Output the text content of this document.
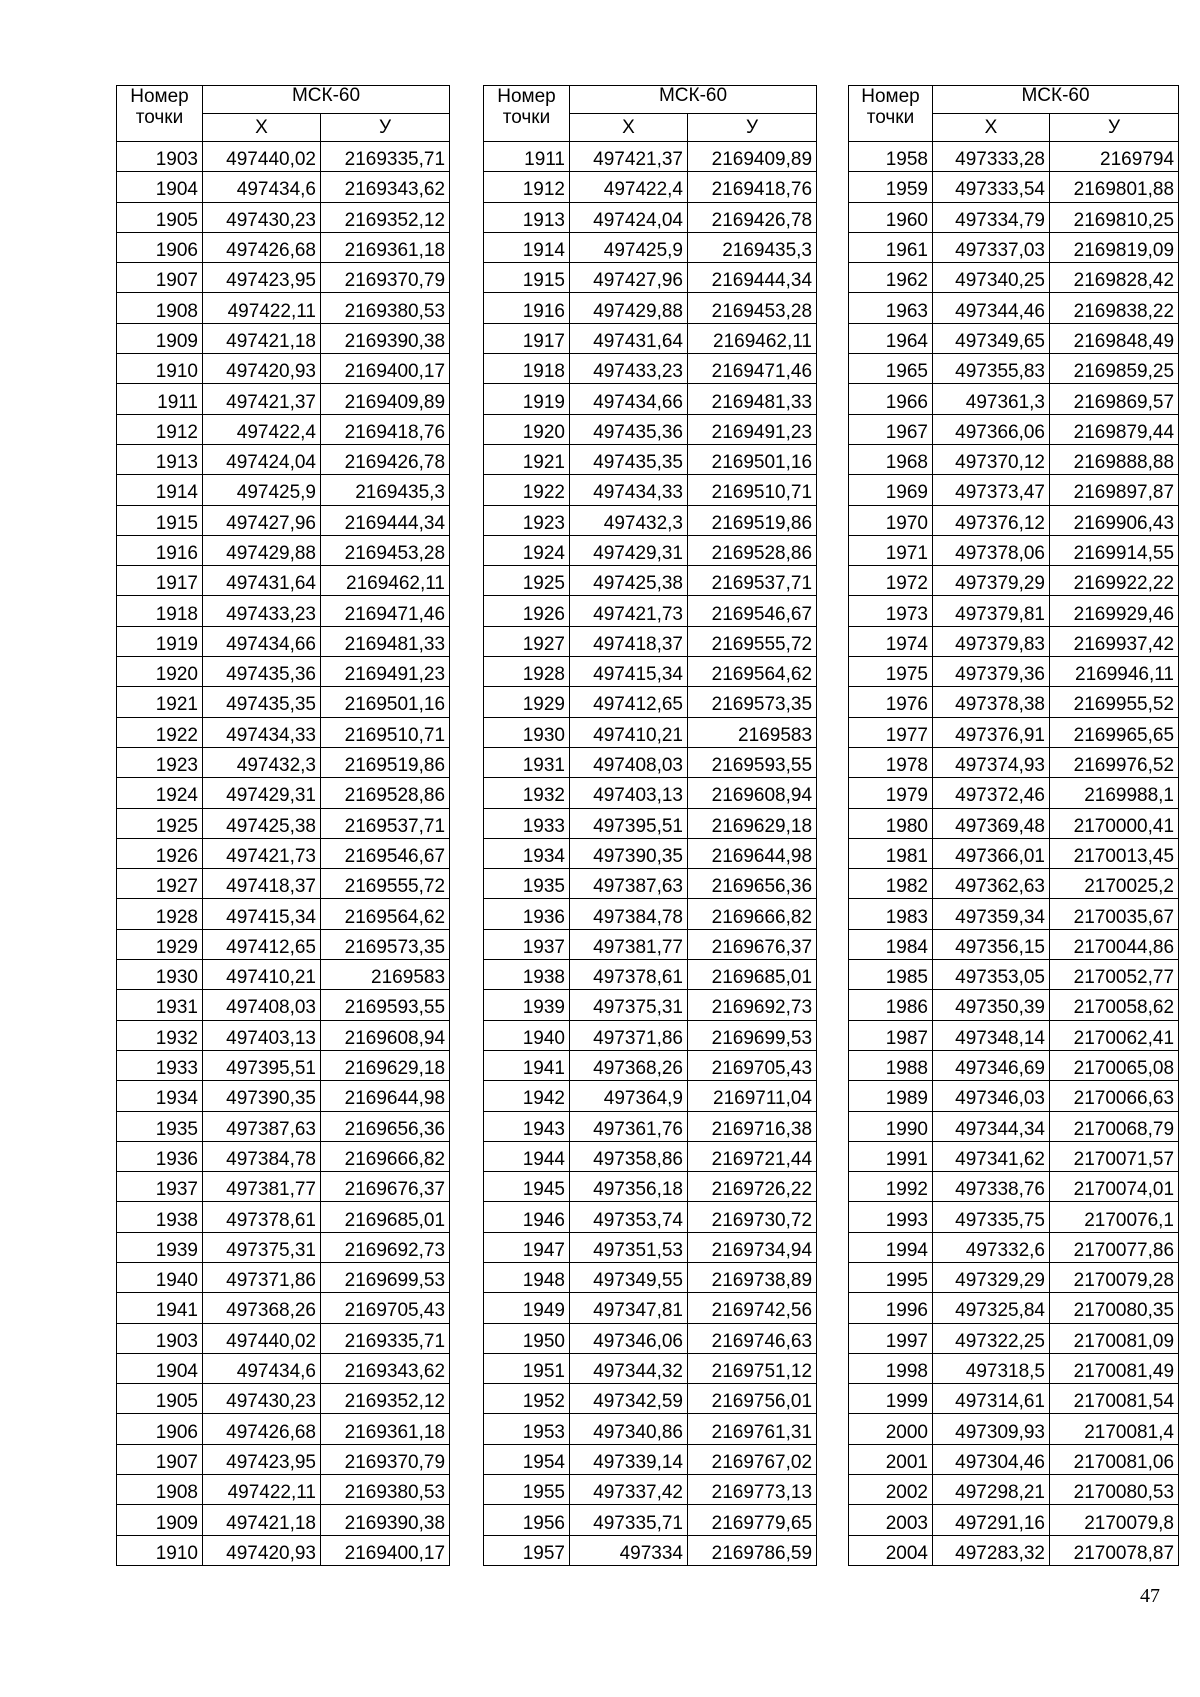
Номер
точки	МСК-60	
	Х	У
1903	497440,02	2169335,71
1904	497434,6	2169343,62
1905	497430,23	2169352,12
1906	497426,68	2169361,18
1907	497423,95	2169370,79
1908	497422,11	2169380,53
1909	497421,18	2169390,38
1910	497420,93	2169400,17
1911	497421,37	2169409,89
1912	497422,4	2169418,76
1913	497424,04	2169426,78
1914	497425,9	2169435,3
1915	497427,96	2169444,34
1916	497429,88	2169453,28
1917	497431,64	2169462,11
1918	497433,23	2169471,46
1919	497434,66	2169481,33
1920	497435,36	2169491,23
1921	497435,35	2169501,16
1922	497434,33	2169510,71
1923	497432,3	2169519,86
1924	497429,31	2169528,86
1925	497425,38	2169537,71
1926	497421,73	2169546,67
1927	497418,37	2169555,72
1928	497415,34	2169564,62
1929	497412,65	2169573,35
1930	497410,21	2169583
1931	497408,03	2169593,55
1932	497403,13	2169608,94
1933	497395,51	2169629,18
1934	497390,35	2169644,98
1935	497387,63	2169656,36
1936	497384,78	2169666,82
1937	497381,77	2169676,37
1938	497378,61	2169685,01
1939	497375,31	2169692,73
1940	497371,86	2169699,53
1941	497368,26	2169705,43
1903	497440,02	2169335,71
1904	497434,6	2169343,62
1905	497430,23	2169352,12
1906	497426,68	2169361,18
1907	497423,95	2169370,79
1908	497422,11	2169380,53
1909	497421,18	2169390,38
1910	497420,93	2169400,17
Номер
точки	МСК-60	
	Х	У
1911	497421,37	2169409,89
1912	497422,4	2169418,76
1913	497424,04	2169426,78
1914	497425,9	2169435,3
1915	497427,96	2169444,34
1916	497429,88	2169453,28
1917	497431,64	2169462,11
1918	497433,23	2169471,46
1919	497434,66	2169481,33
1920	497435,36	2169491,23
1921	497435,35	2169501,16
1922	497434,33	2169510,71
1923	497432,3	2169519,86
1924	497429,31	2169528,86
1925	497425,38	2169537,71
1926	497421,73	2169546,67
1927	497418,37	2169555,72
1928	497415,34	2169564,62
1929	497412,65	2169573,35
1930	497410,21	2169583
1931	497408,03	2169593,55
1932	497403,13	2169608,94
1933	497395,51	2169629,18
1934	497390,35	2169644,98
1935	497387,63	2169656,36
1936	497384,78	2169666,82
1937	497381,77	2169676,37
1938	497378,61	2169685,01
1939	497375,31	2169692,73
1940	497371,86	2169699,53
1941	497368,26	2169705,43
1942	497364,9	2169711,04
1943	497361,76	2169716,38
1944	497358,86	2169721,44
1945	497356,18	2169726,22
1946	497353,74	2169730,72
1947	497351,53	2169734,94
1948	497349,55	2169738,89
1949	497347,81	2169742,56
1950	497346,06	2169746,63
1951	497344,32	2169751,12
1952	497342,59	2169756,01
1953	497340,86	2169761,31
1954	497339,14	2169767,02
1955	497337,42	2169773,13
1956	497335,71	2169779,65
1957	497334	2169786,59
Номер
точки	МСК-60	
	Х	У
1958	497333,28	2169794
1959	497333,54	2169801,88
1960	497334,79	2169810,25
1961	497337,03	2169819,09
1962	497340,25	2169828,42
1963	497344,46	2169838,22
1964	497349,65	2169848,49
1965	497355,83	2169859,25
1966	497361,3	2169869,57
1967	497366,06	2169879,44
1968	497370,12	2169888,88
1969	497373,47	2169897,87
1970	497376,12	2169906,43
1971	497378,06	2169914,55
1972	497379,29	2169922,22
1973	497379,81	2169929,46
1974	497379,83	2169937,42
1975	497379,36	2169946,11
1976	497378,38	2169955,52
1977	497376,91	2169965,65
1978	497374,93	2169976,52
1979	497372,46	2169988,1
1980	497369,48	2170000,41
1981	497366,01	2170013,45
1982	497362,63	2170025,2
1983	497359,34	2170035,67
1984	497356,15	2170044,86
1985	497353,05	2170052,77
1986	497350,39	2170058,62
1987	497348,14	2170062,41
1988	497346,69	2170065,08
1989	497346,03	2170066,63
1990	497344,34	2170068,79
1991	497341,62	2170071,57
1992	497338,76	2170074,01
1993	497335,75	2170076,1
1994	497332,6	2170077,86
1995	497329,29	2170079,28
1996	497325,84	2170080,35
1997	497322,25	2170081,09
1998	497318,5	2170081,49
1999	497314,61	2170081,54
2000	497309,93	2170081,4
2001	497304,46	2170081,06
2002	497298,21	2170080,53
2003	497291,16	2170079,8
2004	497283,32	2170078,87
47
